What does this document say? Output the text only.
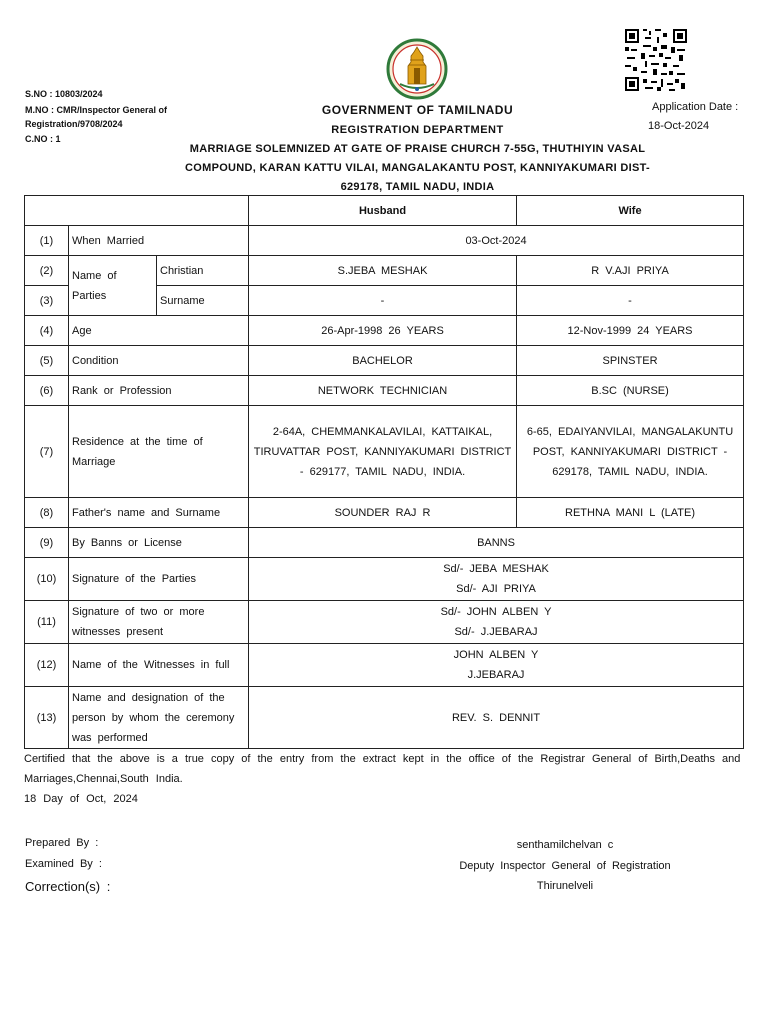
S.NO : 10803/2024
M.NO : CMR/Inspector General of
Registration/9708/2024
C.NO : 1
Application Date :
18-Oct-2024
GOVERNMENT OF TAMILNADU
REGISTRATION DEPARTMENT
MARRIAGE SOLEMNIZED AT GATE OF PRAISE CHURCH 7-55G, THUTHIYIN VASAL
COMPOUND, KARAN KATTU VILAI, MANGALAKANTU POST, KANNIYAKUMARI DIST-
629178, TAMIL NADU, INDIA
			Husband	Wife
(1)	When Married		03-Oct-2024	
(2)	Name of Parties	Christian	S.JEBA MESHAK	R V.AJI PRIYA
(3)		Surname	-	-
(4)	Age		26-Apr-1998 26 YEARS	12-Nov-1999 24 YEARS
(5)	Condition		BACHELOR	SPINSTER
(6)	Rank or Profession		NETWORK TECHNICIAN	B.SC (NURSE)
(7)	Residence at the time of Marriage		2-64A, CHEMMANKALAVILAI, KATTAIKAL, TIRUVATTAR POST, KANNIYAKUMARI DISTRICT - 629177, TAMIL NADU, INDIA.	6-65, EDAIYANVILAI, MANGALAKUNTU POST, KANNIYAKUMARI DISTRICT - 629178, TAMIL NADU, INDIA.
(8)	Father's name and Surname		SOUNDER RAJ R	RETHNA MANI L (LATE)
(9)	By Banns or License		BANNS	
(10)	Signature of the Parties		Sd/- JEBA MESHAK
Sd/- AJI PRIYA	

(11)	Signature of two or more witnesses present		Sd/- JOHN ALBEN Y
Sd/- J.JEBARAJ	

(12)	Name of the Witnesses in full		JOHN ALBEN Y
J.JEBARAJ	

(13)	Name and designation of the person by whom the ceremony was performed		REV. S. DENNIT	
Certified that the above is a true copy of the entry from the extract kept in the office of the Registrar General of Birth,Deaths and Marriages,Chennai,South India.
18 Day of Oct, 2024
Prepared By :
Examined By :
Correction(s) :
senthamilchelvan c
Deputy Inspector General of Registration
Thirunelveli
